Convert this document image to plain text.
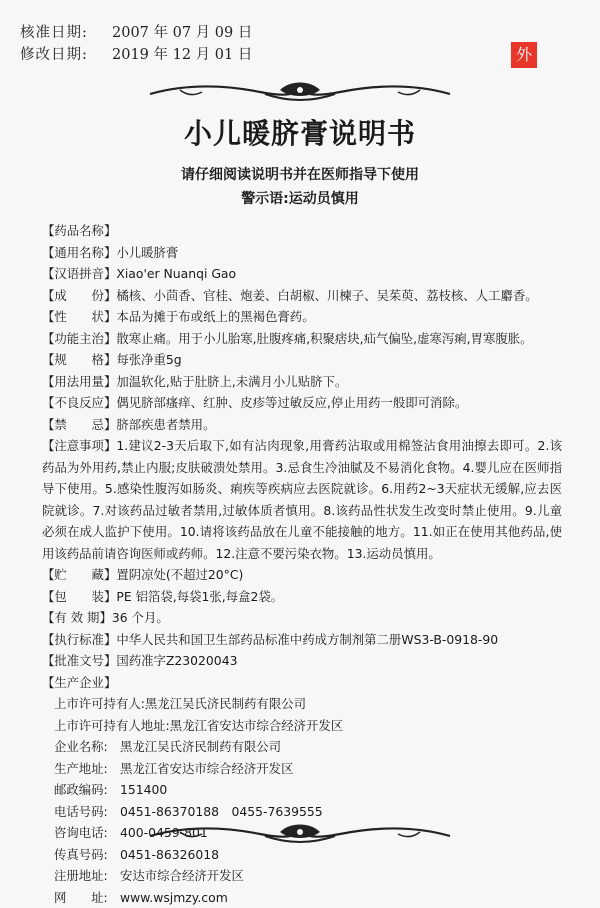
核准日期: 2007 年 07 月 09 日
修改日期: 2019 年 12 月 01 日	外
小儿暖脐膏说明书
请仔细阅读说明书并在医师指导下使用
警示语:运动员慎用
【药品名称】
【通用名称】小儿暖脐膏
【汉语拼音】Xiao'er Nuanqi Gao
【成　　份】橘核、小茴香、官桂、炮姜、白胡椒、川楝子、吴茱萸、荔枝核、人工麝香。
【性　　状】本品为摊于布或纸上的黑褐色膏药。
【功能主治】散寒止痛。用于小儿胎寒,肚腹疼痛,积聚痞块,疝气偏坠,虚寒泻痢,胃寒腹胀。
【规　　格】每张净重5g
【用法用量】加温软化,贴于肚脐上,未满月小儿贴脐下。
【不良反应】偶见脐部瘙痒、红肿、皮疹等过敏反应,停止用药一般即可消除。
【禁　　忌】脐部疾患者禁用。
【注意事项】1.建议2-3天后取下,如有沾肉现象,用膏药沾取或用棉签沾食用油擦去即可。2.该药品为外用药,禁止内服;皮肤破溃处禁用。3.忌食生冷油腻及不易消化食物。4.婴儿应在医师指导下使用。5.感染性腹泻如肠炎、痢疾等疾病应去医院就诊。6.用药2~3天症状无缓解,应去医院就诊。7.对该药品过敏者禁用,过敏体质者慎用。8.该药品性状发生改变时禁止使用。9.儿童必须在成人监护下使用。10.请将该药品放在儿童不能接触的地方。11.如正在使用其他药品,使用该药品前请咨询医师或药师。12.注意不要污染衣物。13.运动员慎用。
【贮　　藏】置阴凉处(不超过20°C)
【包　　装】PE 铝箔袋,每袋1张,每盒2袋。
【有 效 期】36 个月。
【执行标准】中华人民共和国卫生部药品标准中药成方制剂第二册WS3-B-0918-90
【批准文号】国药准字Z23020043
【生产企业】
上市许可持有人:黑龙江吴氏济民制药有限公司
上市许可持有人地址:黑龙江省安达市综合经济开发区
企业名称: 黑龙江吴氏济民制药有限公司
生产地址: 黑龙江省安达市综合经济开发区
邮政编码: 151400
电话号码: 0451-86370188　0455-7639555
咨询电话: 400-0459-801
传真号码: 0451-86326018
注册地址: 安达市综合经济开发区
网　　址: www.wsjmzy.com
